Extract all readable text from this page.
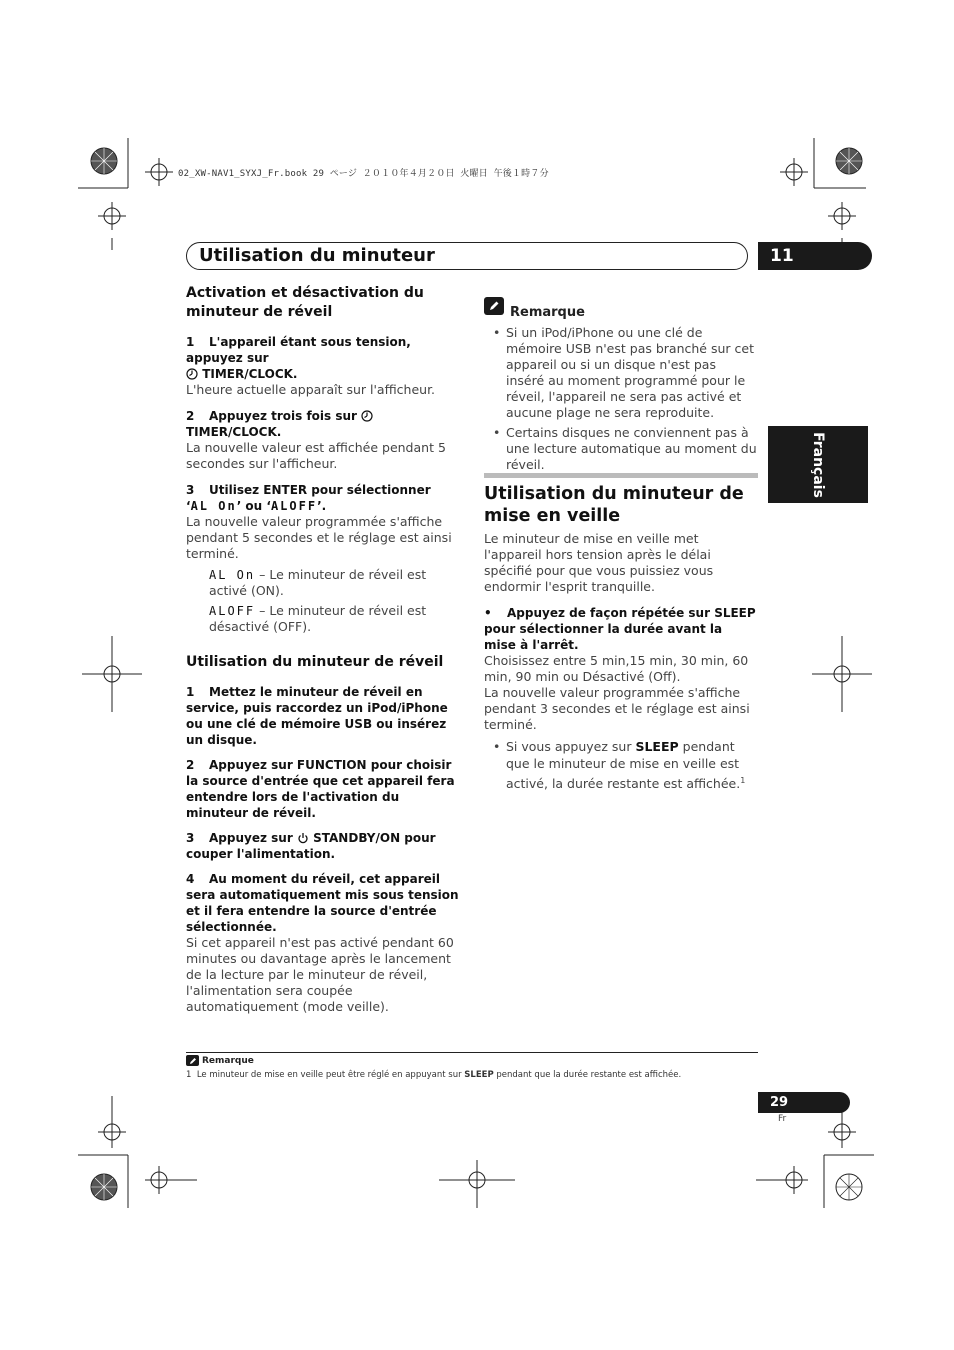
02_XW-NAV1_SYXJ_Fr.book 29 ページ ２０１０年４月２０日 火曜日 午後１時７分
Utilisation du minuteur	11
Français

Activation et désactivation du minuteur de réveil

1 L'appareil étant sous tension, appuyez sur
TIMER/CLOCK.

L'heure actuelle apparaît sur l'afficheur.

2 Appuyez trois fois sur  TIMER/CLOCK.

La nouvelle valeur est affichée pendant 5 secondes sur l'afficheur.

3 Utilisez ENTER pour sélectionner
‘AL On’ ou ‘ALOFF’.

La nouvelle valeur programmée s'affiche pendant 5 secondes et le réglage est ainsi terminé.

AL On – Le minuteur de réveil est activé (ON).

ALOFF – Le minuteur de réveil est désactivé (OFF).

Utilisation du minuteur de réveil

1 Mettez le minuteur de réveil en service, puis raccordez un iPod/iPhone ou une clé de mémoire USB ou insérez un disque.

2 Appuyez sur FUNCTION pour choisir la source d'entrée que cet appareil fera entendre lors de l'activation du minuteur de réveil.

3 Appuyez sur STANDBY/ON pour couper l'alimentation.

4 Au moment du réveil, cet appareil sera automatiquement mis sous tension et il fera entendre la source d'entrée sélectionnée.

Si cet appareil n'est pas activé pendant 60 minutes ou davantage après le lancement de la lecture par le minuteur de réveil, l'alimentation sera coupée automatiquement (mode veille).

Remarque
• Si un iPod/iPhone ou une clé de mémoire USB n'est pas branché sur cet appareil ou si un disque n'est pas inséré au moment programmé pour le réveil, l'appareil ne sera pas activé et aucune plage ne sera reproduite.
• Certains disques ne conviennent pas à une lecture automatique au moment du réveil.

Utilisation du minuteur de mise en veille

Le minuteur de mise en veille met l'appareil hors tension après le délai spécifié pour que vous puissiez vous endormir l'esprit tranquille.

• Appuyez de façon répétée sur SLEEP pour sélectionner la durée avant la mise à l'arrêt.

Choisissez entre 5 min,15 min, 30 min, 60 min, 90 min ou Désactivé (Off).

La nouvelle valeur programmée s'affiche pendant 3 secondes et le réglage est ainsi terminé.

• Si vous appuyez sur SLEEP pendant que le minuteur de mise en veille est activé, la durée restante est affichée.$^1$
Remarque
1 Le minuteur de mise en veille peut être réglé en appuyant sur SLEEP pendant que la durée restante est affichée.
29
Fr
